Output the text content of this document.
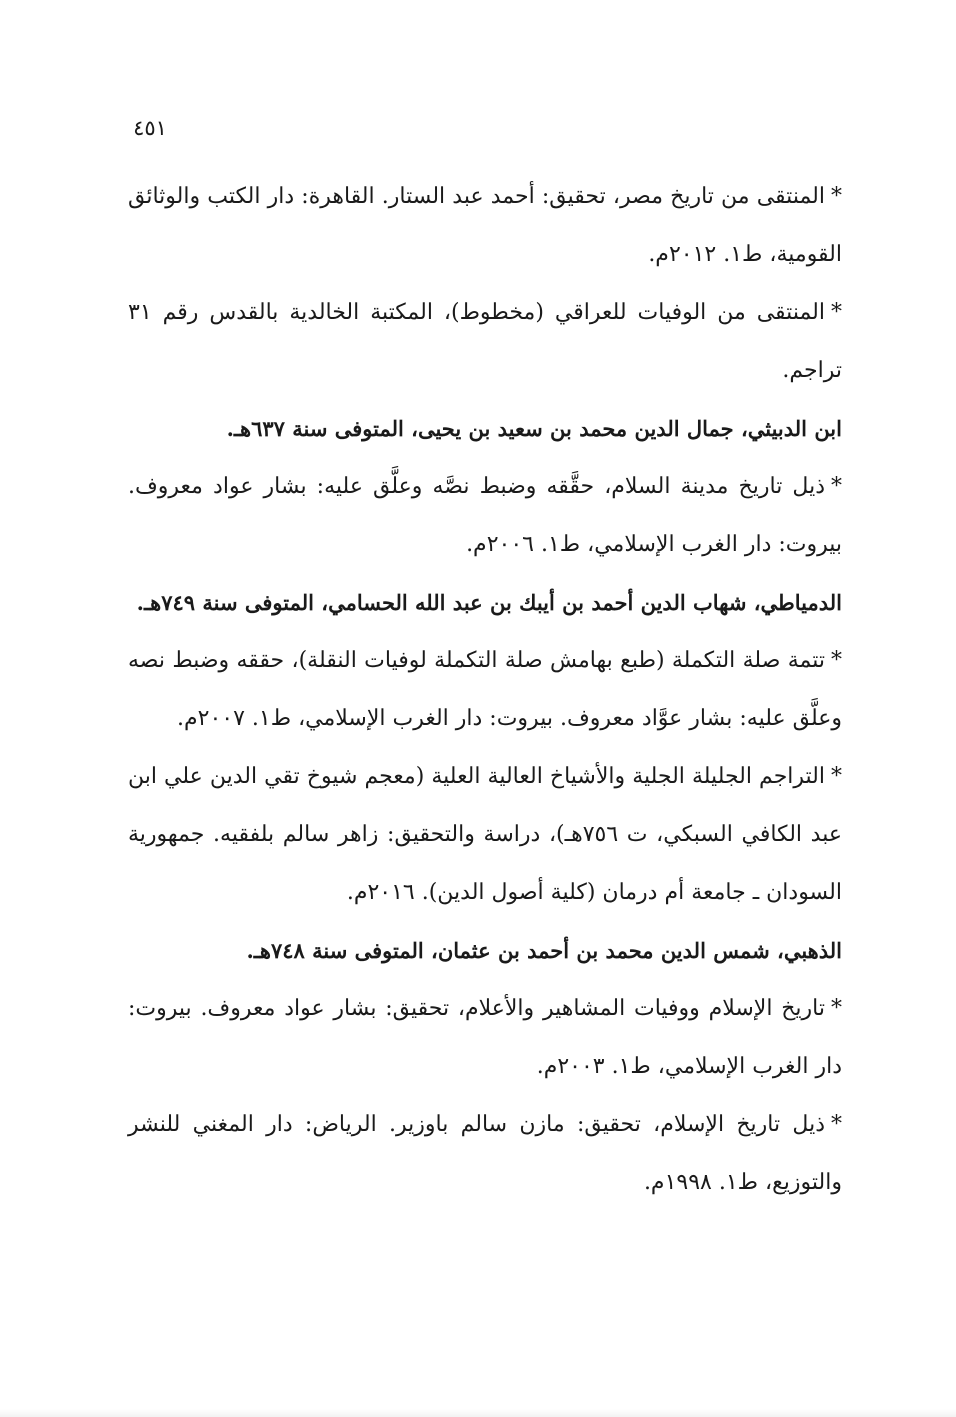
٤٥١

*المنتقى من تاريخ مصر، تحقيق: أحمد عبد الستار. القاهرة: دار الكتب والوثائق القومية، ط١. ٢٠١٢م.

*المنتقى من الوفيات للعراقي (مخطوط)، المكتبة الخالدية بالقدس رقم ٣١ تراجم.

ابن الدبيثي، جمال الدين محمد بن سعيد بن يحيى، المتوفى سنة ٦٣٧هـ.

*ذيل تاريخ مدينة السلام، حقَّقه وضبط نصَّه وعلَّق عليه: بشار عواد معروف. بيروت: دار الغرب الإسلامي، ط١. ٢٠٠٦م.

الدمياطي، شهاب الدين أحمد بن أيبك بن عبد الله الحسامي، المتوفى سنة ٧٤٩هـ.

*تتمة صلة التكملة (طبع بهامش صلة التكملة لوفيات النقلة)، حققه وضبط نصه وعلَّق عليه: بشار عوَّاد معروف. بيروت: دار الغرب الإسلامي، ط١. ٢٠٠٧م.

*التراجم الجليلة الجلية والأشياخ العالية العلية (معجم شيوخ تقي الدين علي ابن عبد الكافي السبكي، ت ٧٥٦هـ)، دراسة والتحقيق: زاهر سالم بلفقيه. جمهورية السودان ـ جامعة أم درمان (كلية أصول الدين). ٢٠١٦م.

الذهبي، شمس الدين محمد بن أحمد بن عثمان، المتوفى سنة ٧٤٨هـ.

*تاريخ الإسلام ووفيات المشاهير والأعلام، تحقيق: بشار عواد معروف. بيروت: دار الغرب الإسلامي، ط١. ٢٠٠٣م.

*ذيل تاريخ الإسلام، تحقيق: مازن سالم باوزير. الرياض: دار المغني للنشر والتوزيع، ط١. ١٩٩٨م.
